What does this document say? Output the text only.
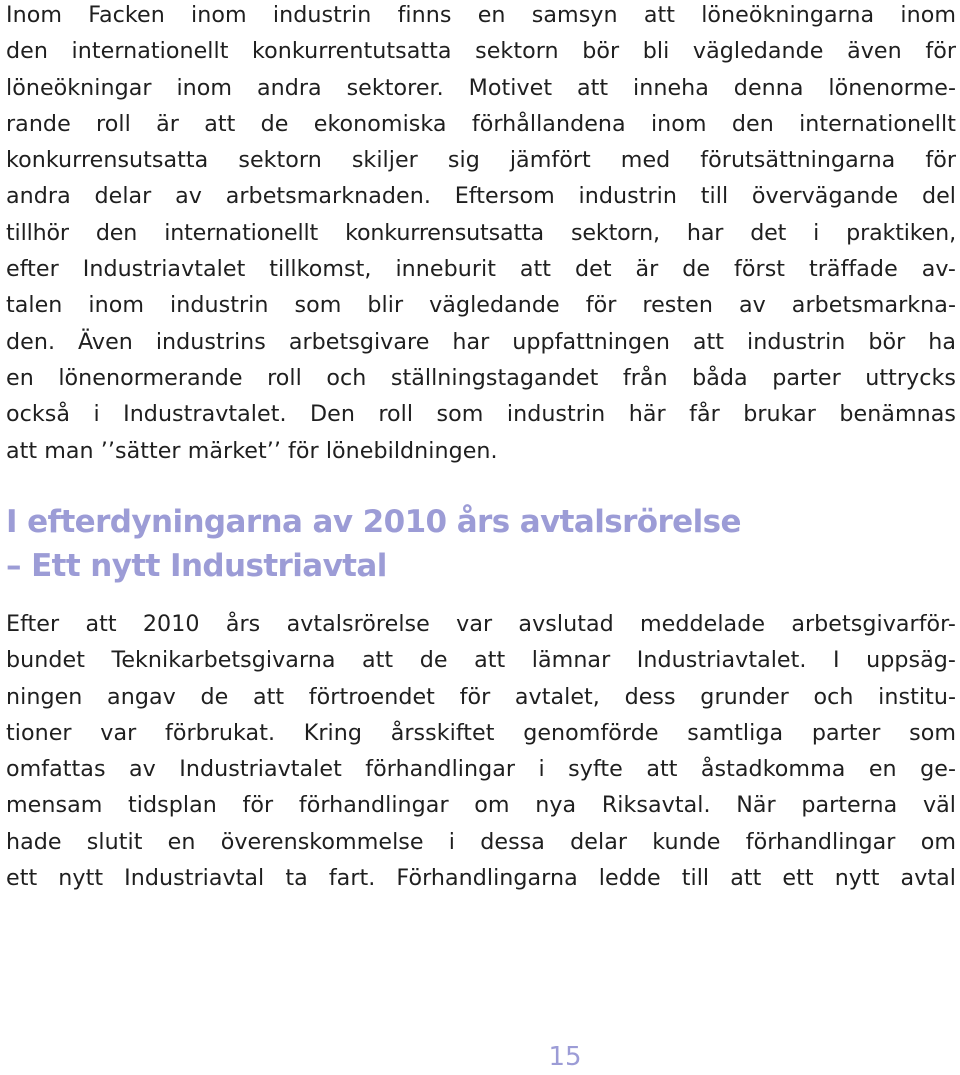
Inom Facken inom industrin finns en samsyn att löneökningarna inom
den internationellt konkurrentutsatta sektorn bör bli vägledande även för
löneökningar inom andra sektorer. Motivet att inneha denna lönenorme-
rande roll är att de ekonomiska förhållandena inom den internationellt
konkurrensutsatta sektorn skiljer sig jämfört med förutsättningarna för
andra delar av arbetsmarknaden. Eftersom industrin till övervägande del
tillhör den internationellt konkurrensutsatta sektorn, har det i praktiken,
efter Industriavtalet tillkomst, inneburit att det är de först träffade av-
talen inom industrin som blir vägledande för resten av arbetsmarkna-
den. Även industrins arbetsgivare har uppfattningen att industrin bör ha
en lönenormerande roll och ställningstagandet från båda parter uttrycks
också i Industravtalet. Den roll som industrin här får brukar benämnas
att man ’’sätter märket’’ för lönebildningen.
I efterdyningarna av 2010 års avtalsrörelse
– Ett nytt Industriavtal
Efter att 2010 års avtalsrörelse var avslutad meddelade arbetsgivarför-
bundet Teknikarbetsgivarna att de att lämnar Industriavtalet. I uppsäg-
ningen angav de att förtroendet för avtalet, dess grunder och institu-
tioner var förbrukat. Kring årsskiftet genomförde samtliga parter som
omfattas av Industriavtalet förhandlingar i syfte att åstadkomma en ge-
mensam tidsplan för förhandlingar om nya Riksavtal. När parterna väl
hade slutit en överenskommelse i dessa delar kunde förhandlingar om
ett nytt Industriavtal ta fart. Förhandlingarna ledde till att ett nytt avtal
15
